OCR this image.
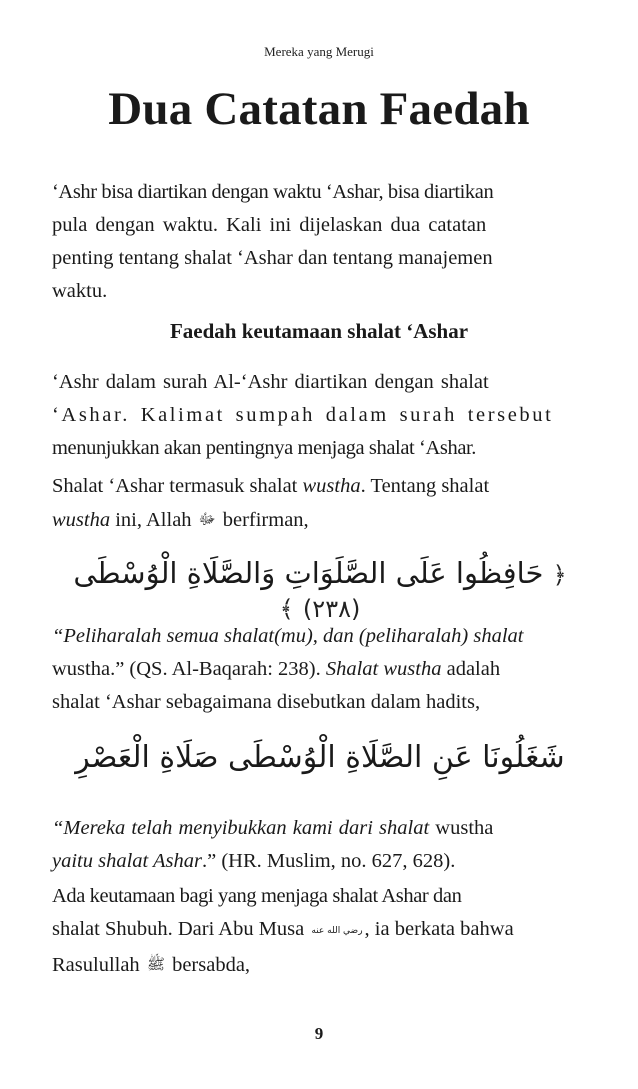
Mereka yang Merugi
Dua Catatan Faedah

‘Ashr bisa diartikan dengan waktu ‘Ashar, bisa diartikan
pula dengan waktu. Kali ini dijelaskan dua catatan
penting tentang shalat ‘Ashar dan tentang manajemen
waktu.

Faedah keutamaan shalat ‘Ashar

‘Ashr dalam surah Al-‘Ashr diartikan dengan shalat
‘Ashar. Kalimat sumpah dalam surah tersebut
menunjukkan akan pentingnya menjaga shalat ‘Ashar.

Shalat ‘Ashar termasuk shalat wustha. Tentang shalat
wustha ini, Allah ﷻ berfirman,

﴿ حَافِظُوا عَلَى الصَّلَوَاتِ وَالصَّلَاةِ الْوُسْطَى (٢٣٨) ﴾

“Peliharalah semua shalat(mu), dan (peliharalah) shalat
wustha.” (QS. Al-Baqarah: 238). Shalat wustha adalah
shalat ‘Ashar sebagaimana disebutkan dalam hadits,

شَغَلُونَا عَنِ الصَّلَاةِ الْوُسْطَى صَلَاةِ الْعَصْرِ

“Mereka telah menyibukkan kami dari shalat wustha
yaitu shalat Ashar.” (HR. Muslim, no. 627, 628).

Ada keutamaan bagi yang menjaga shalat Ashar dan
shalat Shubuh. Dari Abu Musa رضي الله عنه, ia berkata bahwa
Rasulullah ﷺ bersabda,

9
